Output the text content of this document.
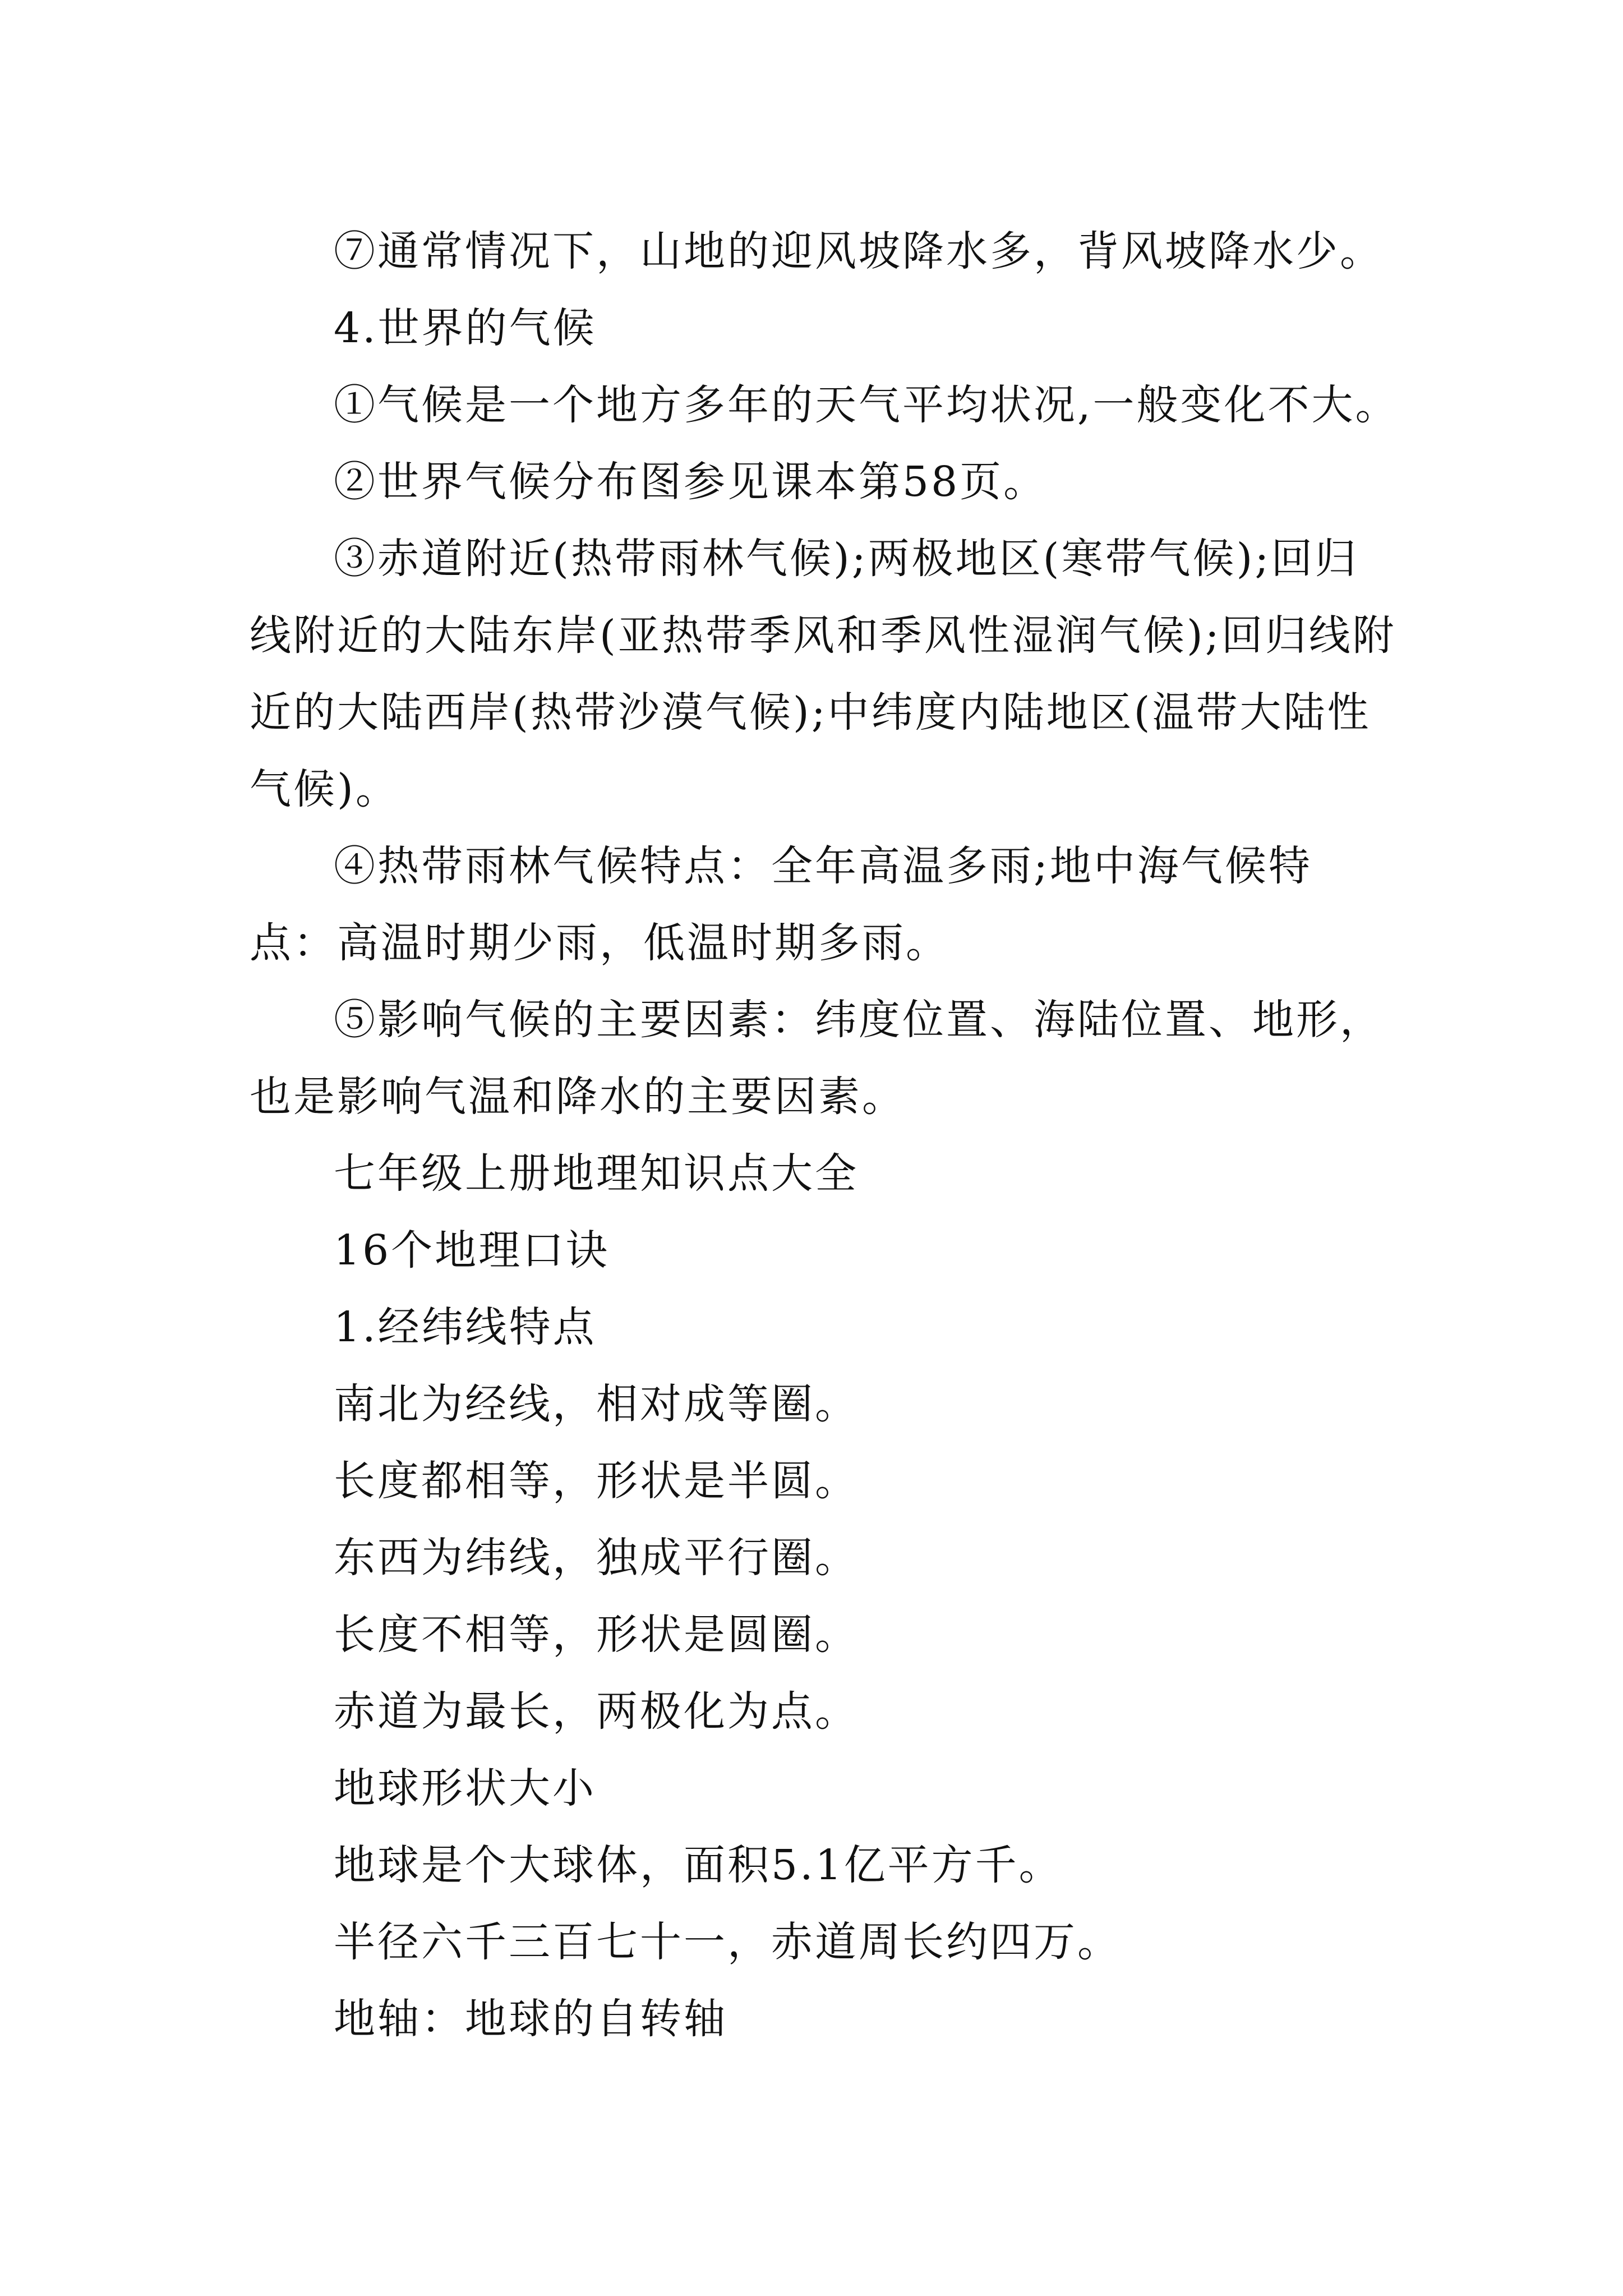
⑦通常情况下，山地的迎风坡降水多，背风坡降水少。

4.世界的气候

①气候是一个地方多年的天气平均状况,一般变化不大。

②世界气候分布图参见课本第58页。

③赤道附近(热带雨林气候);两极地区(寒带气候);回归线附近的大陆东岸(亚热带季风和季风性湿润气候);回归线附近的大陆西岸(热带沙漠气候);中纬度内陆地区(温带大陆性气候)。

④热带雨林气候特点：全年高温多雨;地中海气候特点：高温时期少雨，低温时期多雨。

⑤影响气候的主要因素：纬度位置、海陆位置、地形，也是影响气温和降水的主要因素。

七年级上册地理知识点大全

16个地理口诀

1.经纬线特点

南北为经线，相对成等圈。

长度都相等，形状是半圆。

东西为纬线，独成平行圈。

长度不相等，形状是圆圈。

赤道为最长，两极化为点。

地球形状大小

地球是个大球体，面积5.1亿平方千。

半径六千三百七十一，赤道周长约四万。

地轴：地球的自转轴
